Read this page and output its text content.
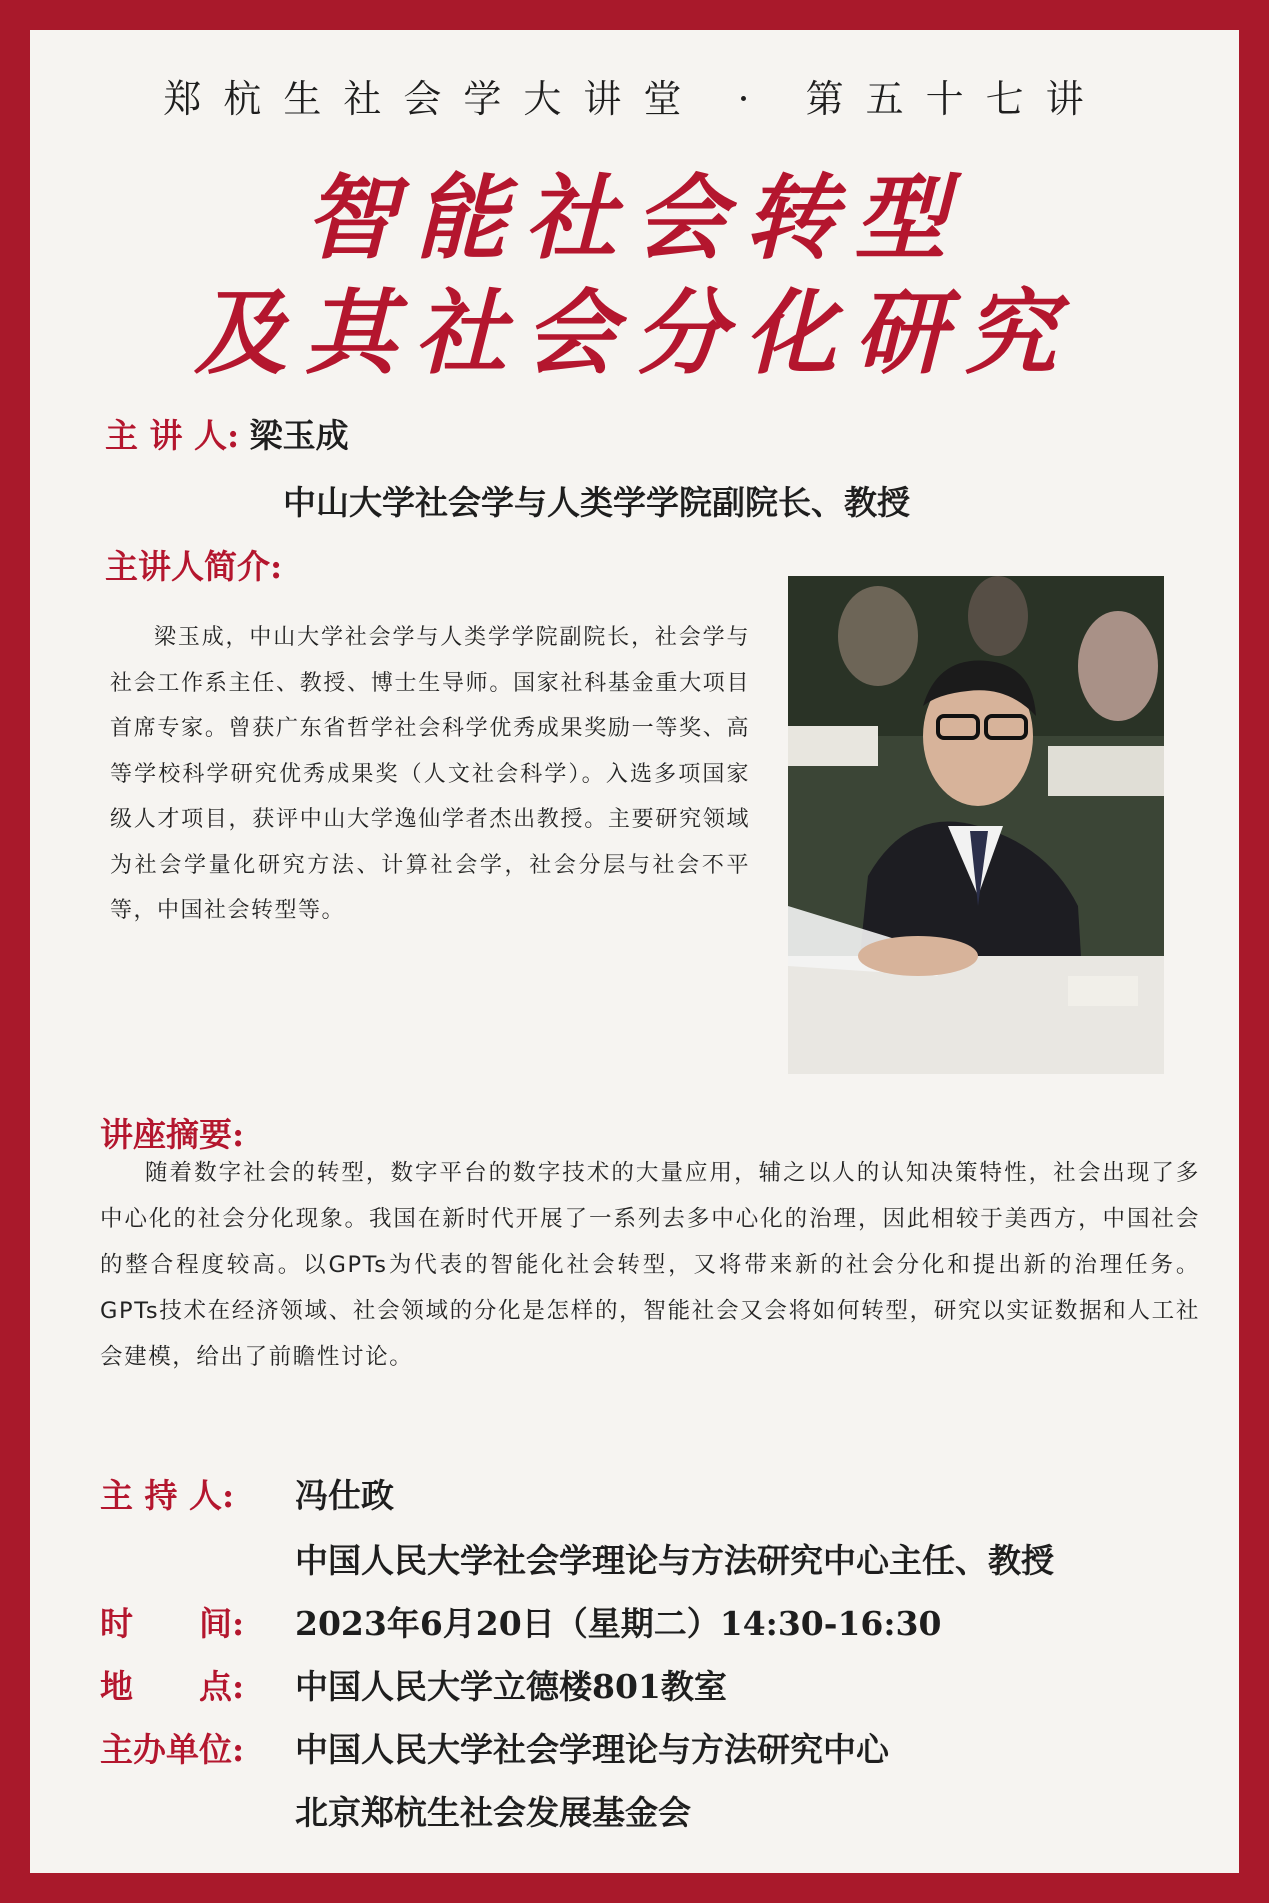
郑杭生社会学大讲堂 · 第五十七讲
智能社会转型
及其社会分化研究
主 讲 人: 梁玉成
中山大学社会学与人类学学院副院长、教授
主讲人简介:
梁玉成，中山大学社会学与人类学学院副院长，社会学与社会工作系主任、教授、博士生导师。国家社科基金重大项目首席专家。曾获广东省哲学社会科学优秀成果奖励一等奖、高等学校科学研究优秀成果奖（人文社会科学）。入选多项国家级人才项目，获评中山大学逸仙学者杰出教授。主要研究领域为社会学量化研究方法、计算社会学，社会分层与社会不平等，中国社会转型等。
讲座摘要:
随着数字社会的转型，数字平台的数字技术的大量应用，辅之以人的认知决策特性，社会出现了多中心化的社会分化现象。我国在新时代开展了一系列去多中心化的治理，因此相较于美西方，中国社会的整合程度较高。以GPTs为代表的智能化社会转型，又将带来新的社会分化和提出新的治理任务。GPTs技术在经济领域、社会领域的分化是怎样的，智能社会又会将如何转型，研究以实证数据和人工社会建模，给出了前瞻性讨论。
主 持 人: 冯仕政
中国人民大学社会学理论与方法研究中心主任、教授
时　　间: 2023年6月20日（星期二）14:30-16:30
地　　点: 中国人民大学立德楼801教室
主办单位: 中国人民大学社会学理论与方法研究中心
北京郑杭生社会发展基金会
